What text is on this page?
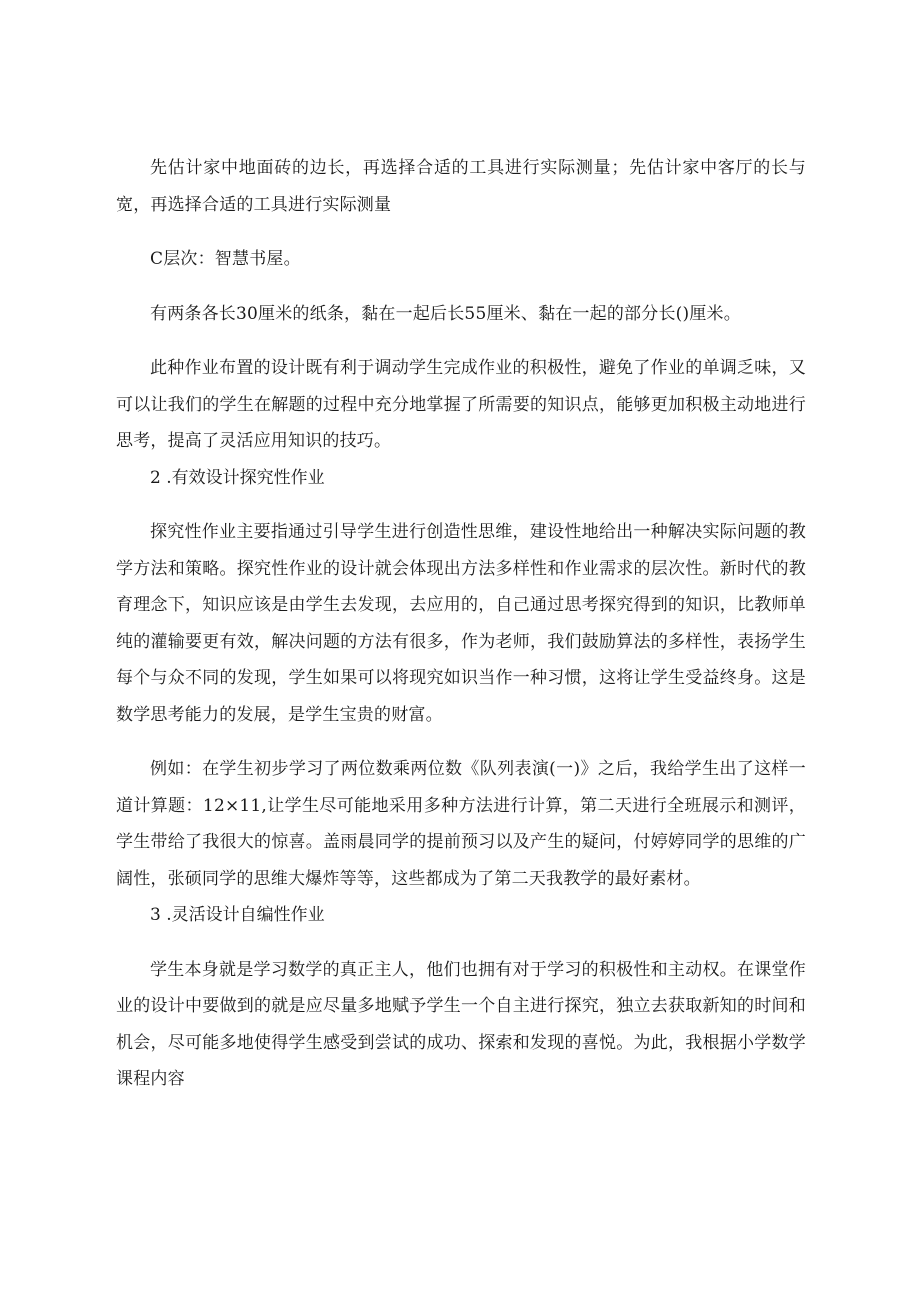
先估计家中地面砖的边长，再选择合适的工具进行实际测量；先估计家中客厅的长与宽，再选择合适的工具进行实际测量

C层次：智慧书屋。

有两条各长30厘米的纸条，黏在一起后长55厘米、黏在一起的部分长()厘米。

此种作业布置的设计既有利于调动学生完成作业的积极性，避免了作业的单调乏味，又可以让我们的学生在解题的过程中充分地掌握了所需要的知识点，能够更加积极主动地进行思考，提高了灵活应用知识的技巧。

2 .有效设计探究性作业

探究性作业主要指通过引导学生进行创造性思维，建设性地给出一种解决实际问题的教学方法和策略。探究性作业的设计就会体现出方法多样性和作业需求的层次性。新时代的教育理念下，知识应该是由学生去发现，去应用的，自己通过思考探究得到的知识，比教师单纯的灌输要更有效，解决问题的方法有很多，作为老师，我们鼓励算法的多样性，表扬学生每个与众不同的发现，学生如果可以将现究如识当作一种习惯，这将让学生受益终身。这是数学思考能力的发展，是学生宝贵的财富。

例如：在学生初步学习了两位数乘两位数《队列表演(一)》之后，我给学生出了这样一道计算题：12×11,让学生尽可能地采用多种方法进行计算，第二天进行全班展示和测评，学生带给了我很大的惊喜。盖雨晨同学的提前预习以及产生的疑问，付婷婷同学的思维的广阔性，张硕同学的思维大爆炸等等，这些都成为了第二天我教学的最好素材。

3 .灵活设计自编性作业

学生本身就是学习数学的真正主人，他们也拥有对于学习的积极性和主动权。在课堂作业的设计中要做到的就是应尽量多地赋予学生一个自主进行探究，独立去获取新知的时间和机会，尽可能多地使得学生感受到尝试的成功、探索和发现的喜悦。为此，我根据小学数学课程内容
